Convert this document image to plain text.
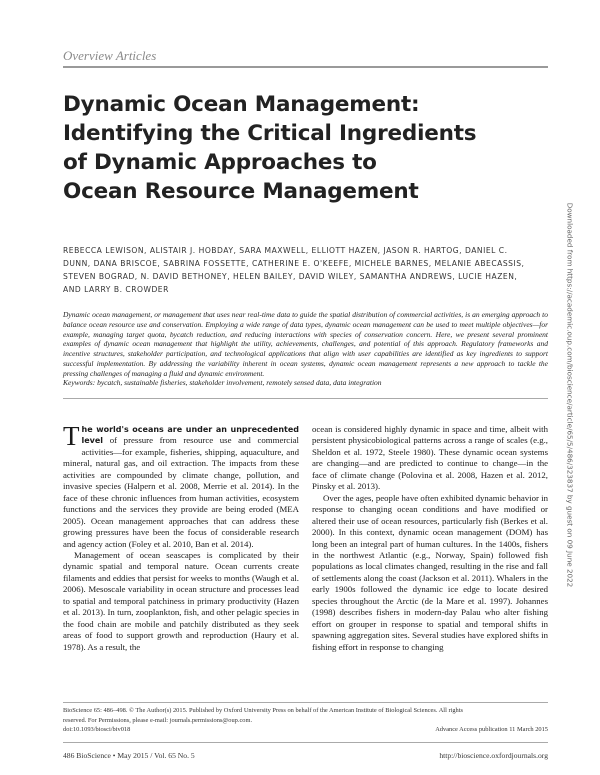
Overview Articles
Dynamic Ocean Management:
Identifying the Critical Ingredients
of Dynamic Approaches to
Ocean Resource Management
REBECCA LEWISON, ALISTAIR J. HOBDAY, SARA MAXWELL, ELLIOTT HAZEN, JASON R. HARTOG, DANIEL C.
DUNN, DANA BRISCOE, SABRINA FOSSETTE, CATHERINE E. O'KEEFE, MICHELE BARNES, MELANIE ABECASSIS,
STEVEN BOGRAD, N. DAVID BETHONEY, HELEN BAILEY, DAVID WILEY, SAMANTHA ANDREWS, LUCIE HAZEN,
AND LARRY B. CROWDER
Dynamic ocean management, or management that uses near real-time data to guide the spatial distribution of commercial activities, is an emerging approach to balance ocean resource use and conservation. Employing a wide range of data types, dynamic ocean management can be used to meet multiple objectives—for example, managing target quota, bycatch reduction, and reducing interactions with species of conservation concern. Here, we present several prominent examples of dynamic ocean management that highlight the utility, achievements, challenges, and potential of this approach. Regulatory frameworks and incentive structures, stakeholder participation, and technological applications that align with user capabilities are identified as key ingredients to support successful implementation. By addressing the variability inherent in ocean systems, dynamic ocean management represents a new approach to tackle the pressing challenges of managing a fluid and dynamic environment.
Keywords: bycatch, sustainable fisheries, stakeholder involvement, remotely sensed data, data integration

The world's oceans are under an unprecedented level of pressure from resource use and commercial activities—for example, fisheries, shipping, aquaculture, and mineral, natural gas, and oil extraction. The impacts from these activities are compounded by climate change, pollution, and invasive species (Halpern et al. 2008, Merrie et al. 2014). In the face of these chronic influences from human activities, ecosystem functions and the services they provide are being eroded (MEA 2005). Ocean management approaches that can address these growing pressures have been the focus of considerable research and agency action (Foley et al. 2010, Ban et al. 2014).

Management of ocean seascapes is complicated by their dynamic spatial and temporal nature. Ocean currents create filaments and eddies that persist for weeks to months (Waugh et al. 2006). Mesoscale variability in ocean structure and processes lead to spatial and temporal patchiness in primary productivity (Hazen et al. 2013). In turn, zooplankton, fish, and other pelagic species in the food chain are mobile and patchily distributed as they seek areas of food to support growth and reproduction (Haury et al. 1978). As a result, the

ocean is considered highly dynamic in space and time, albeit with persistent physicobiological patterns across a range of scales (e.g., Sheldon et al. 1972, Steele 1980). These dynamic ocean systems are changing—and are predicted to continue to change—in the face of climate change (Polovina et al. 2008, Hazen et al. 2012, Pinsky et al. 2013).

Over the ages, people have often exhibited dynamic behavior in response to changing ocean conditions and have modified or altered their use of ocean resources, particularly fish (Berkes et al. 2000). In this context, dynamic ocean management (DOM) has long been an integral part of human cultures. In the 1400s, fishers in the northwest Atlantic (e.g., Norway, Spain) followed fish populations as local climates changed, resulting in the rise and fall of settlements along the coast (Jackson et al. 2011). Whalers in the early 1900s followed the dynamic ice edge to locate desired species throughout the Arctic (de la Mare et al. 1997). Johannes (1998) describes fishers in modern-day Palau who alter fishing effort on grouper in response to spatial and temporal shifts in spawning aggregation sites. Several studies have explored shifts in fishing effort in response to changing

BioScience 65: 486–498. © The Author(s) 2015. Published by Oxford University Press on behalf of the American Institute of Biological Sciences. All rights
reserved. For Permissions, please e-mail: journals.permissions@oup.com.
doi:10.1093/biosci/biv018	Advance Access publication 11 March 2015
486 BioScience • May 2015 / Vol. 65 No. 5	http://bioscience.oxfordjournals.org
Downloaded from https://academic.oup.com/bioscience/article/65/5/486/323837 by guest on 09 June 2022
